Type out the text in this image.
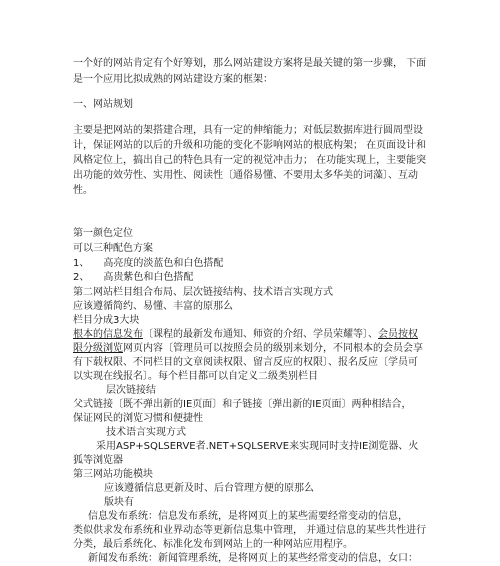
一个好的网站肯定有个好筹划，那么网站建设方案将是最关键的第一步骤， 下面
是一个应用比拟成熟的网站建设方案的框架：
一、网站规划
主要是把网站的架搭建合理，具有一定的伸缩能力；对低层数据库进行圆周型设
计，保证网站的以后的升级和功能的变化不影响网站的根底构架； 在页面设计和
风格定位上，搞出自己的特色具有一定的视觉冲击力； 在功能实现上，主要能突
出功能的效劳性、实用性、阅读性〔通俗易懂、不要用太多华美的词藻〕、互动
性。
第一颜色定位
可以三种配色方案
1、 高亮度的淡蓝色和白色搭配
2、 高贵紫色和白色搭配
第二网站栏目组合布局、层次链接结构、技术语言实现方式
应该遵循简约、易懂、丰富的原那么
栏目分成3大块
根本的信息发布〔课程的最新发布通知、师资的介绍、学员荣耀等〕、会员按权
限分级浏览网页内容〔管理员可以按照会员的级别来划分，不同根本的会员会享
有下载权限、不同栏目的文章阅读权限、留言反应的权限〕、报名反应〔学员可
以实现在线报名〕。每个栏目都可以自定义二级类别栏目
层次链接结
父式链接〔既不弹出新的IE页面〕和子链接〔弹出新的IE页面〕两种相结合，
保证网民的浏览习惯和便捷性
技术语言实现方式
采用ASP+SQLSERVE者.NET+SQLSERVE来实现同时支持IE浏览器、火
狐等浏览器
第三网站功能模块
应该遵循信息更新及时、后台管理方便的原那么
版块有
信息发布系统：信息发布系统，是将网页上的某些需要经常变动的信息，
类似供求发布系统和业界动态等更新信息集中管理， 并通过信息的某些共性进行
分类，最后系统化、标准化发布到网站上的一种网站应用程序。
新闻发布系统：新闻管理系统，是将网页上的某些经常变动的信息，女口：
